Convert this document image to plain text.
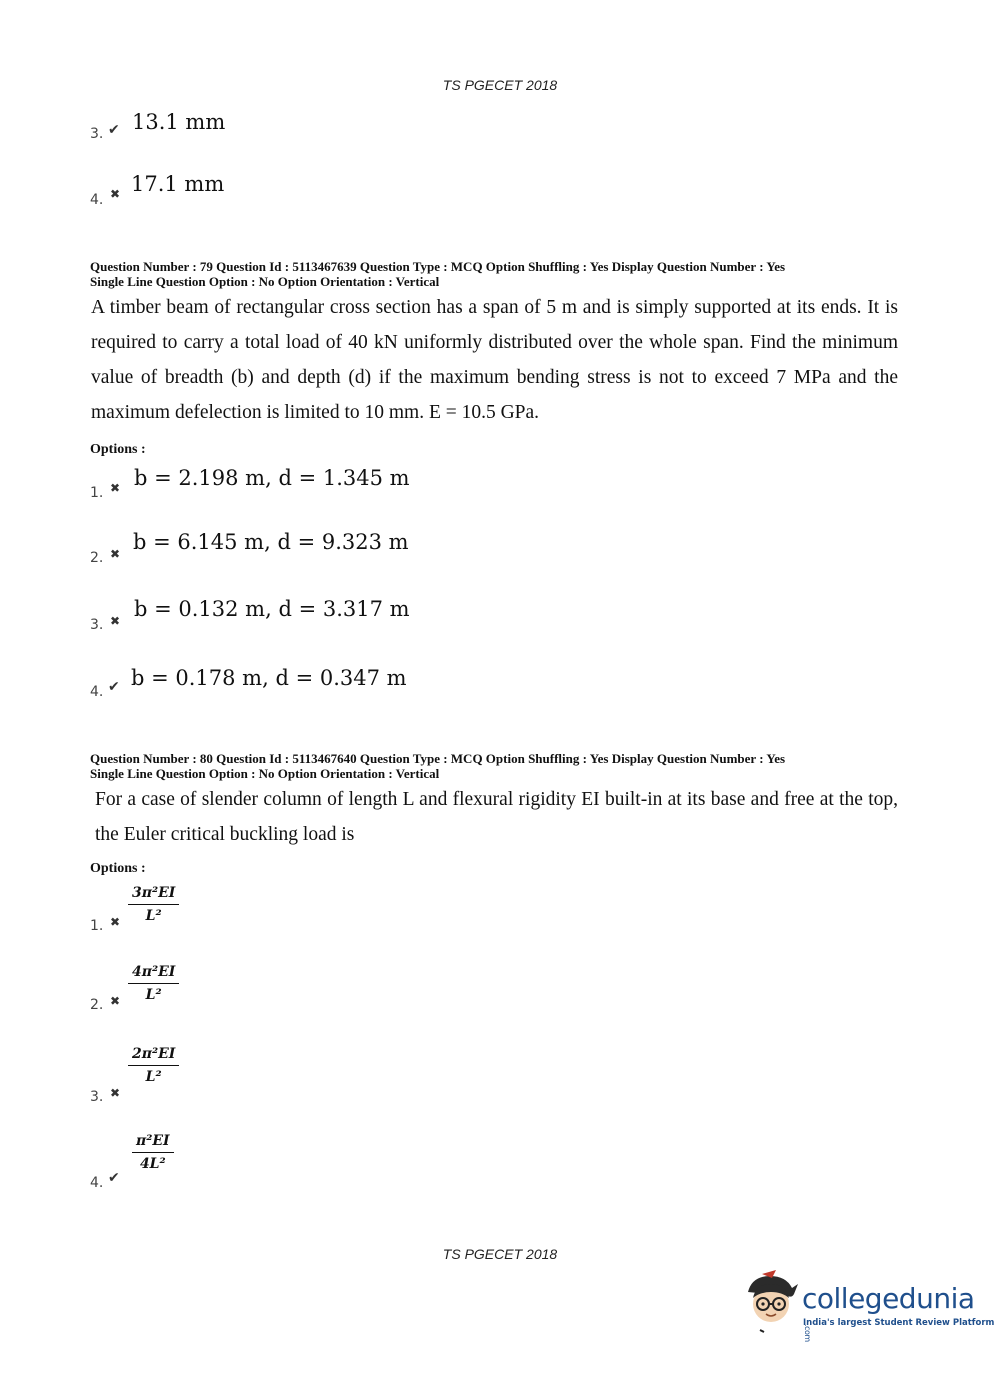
TS PGECET 2018
3. ✔ 13.1 mm
4. ✖ 17.1 mm
Question Number : 79 Question Id : 5113467639 Question Type : MCQ Option Shuffling : Yes Display Question Number : Yes
Single Line Question Option : No Option Orientation : Vertical
A timber beam of rectangular cross section has a span of 5 m and is simply supported at its ends. It is required to carry a total load of 40 kN uniformly distributed over the whole span. Find the minimum value of breadth (b) and depth (d) if the maximum bending stress is not to exceed 7 MPa and the maximum defelection is limited to 10 mm. E = 10.5 GPa.
Options :
1. ✖ b = 2.198 m, d = 1.345 m
2. ✖ b = 6.145 m, d = 9.323 m
3. ✖ b = 0.132 m, d = 3.317 m
4. ✔ b = 0.178 m, d = 0.347 m
Question Number : 80 Question Id : 5113467640 Question Type : MCQ Option Shuffling : Yes Display Question Number : Yes
Single Line Question Option : No Option Orientation : Vertical
For a case of slender column of length L and flexural rigidity EI built-in at its base and free at the top, the Euler critical buckling load is
Options :
1. ✖ $\frac{\text{3π²EI}}{\text{L²}}$
2. ✖ $\frac{\text{4π²EI}}{\text{L²}}$
3. ✖
$\frac{\text{2π²EI}}{\text{L²}}$
4. ✔
$\frac{\text{π²EI}}{\text{4L²}}$
TS PGECET 2018
collegedunia.com
India's largest Student Review Platform
